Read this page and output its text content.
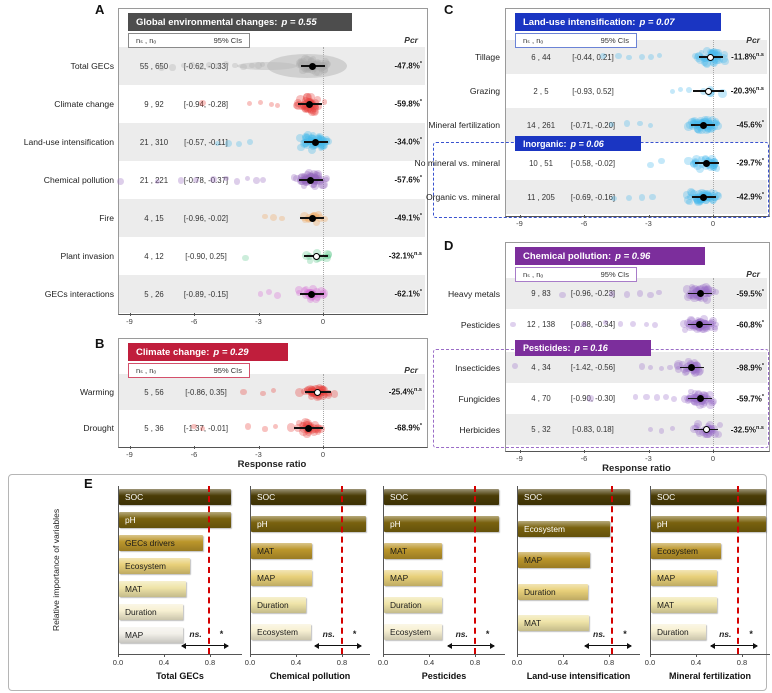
A
Global environmental changes: p = 0.55
nₛ , nₒ	95% CIs	Pcr
Total GECs	55 , 650	[-0.62, -0.33]	-47.8%*
Climate change	9 , 92	[-0.94, -0.28]	-59.8%*
Land-use intensification	21 , 310	[-0.57, -0.11]	-34.0%*
Chemical pollution	21 , 221	[-0.78, -0.37]	-57.6%*
Fire	4 , 15	[-0.96, -0.02]	-49.1%*
Plant invasion	4 , 12	[-0.90, 0.25]	-32.1%$^{n.s}$
GECs interactions	5 , 26	[-0.89, -0.15]	-62.1%*
-9	-6	-3	0
B
Climate change: p = 0.29
nₛ , nₒ	95% CIs	Pcr
Warming	5 , 56	[-0.86, 0.35]	-25.4%$^{n.s}$
Drought	5 , 36	[-1.37, -0.01]	-68.9%*
-9	-6	-3	0
Response ratio
C
Land-use intensification: p = 0.07
nₛ , nₒ	95% CIs	Pcr
Inorganic: p = 0.06
Tillage	6 , 44	[-0.44, 0.21]	-11.8%$^{n.s}$
Grazing	2 , 5	[-0.93, 0.52]	-20.3%$^{n.s}$
Mineral fertilization	14 , 261	[-0.71, -0.20]	-45.6%*
No mineral vs. mineral	10 , 51	[-0.58, -0.02]	-29.7%*
Organic vs. mineral	11 , 205	[-0.69, -0.16]	-42.9%*
-9	-6	-3	0
D
Chemical pollution: p = 0.96
nₛ , nₒ	95% CIs	Pcr
Pesticides: p = 0.16
Heavy metals	9 , 83	[-0.96, -0.23]	-59.5%*
Pesticides	12 , 138	[-0.88, -0.34]	-60.8%*
Insecticides	4 , 34	[-1.42, -0.56]	-98.9%*
Fungicides	4 , 70	[-0.90, -0.30]	-59.7%*
Herbicides	5 , 32	[-0.83, 0.18]	-32.5%$^{n.s}$
-9	-6	-3	0
Response ratio
E
Relative importance of variables
SOC
pH
GECs drivers
Ecosystem
MAT
Duration
MAP	ns. *
0.0	0.4	0.8
Total GECs
SOC
pH
MAT
MAP
Duration
Ecosystem	ns. *
0.0	0.4	0.8
Chemical pollution
SOC
pH
MAT
MAP
Duration
Ecosystem	ns. *
0.0	0.4	0.8
Pesticides
SOC
Ecosystem
MAP
Duration
MAT
ns. *
0.0	0.4	0.8
Land-use intensification
SOC
pH
Ecosystem
MAP
MAT
Duration	ns. *
0.0	0.4	0.8
Mineral fertilization
